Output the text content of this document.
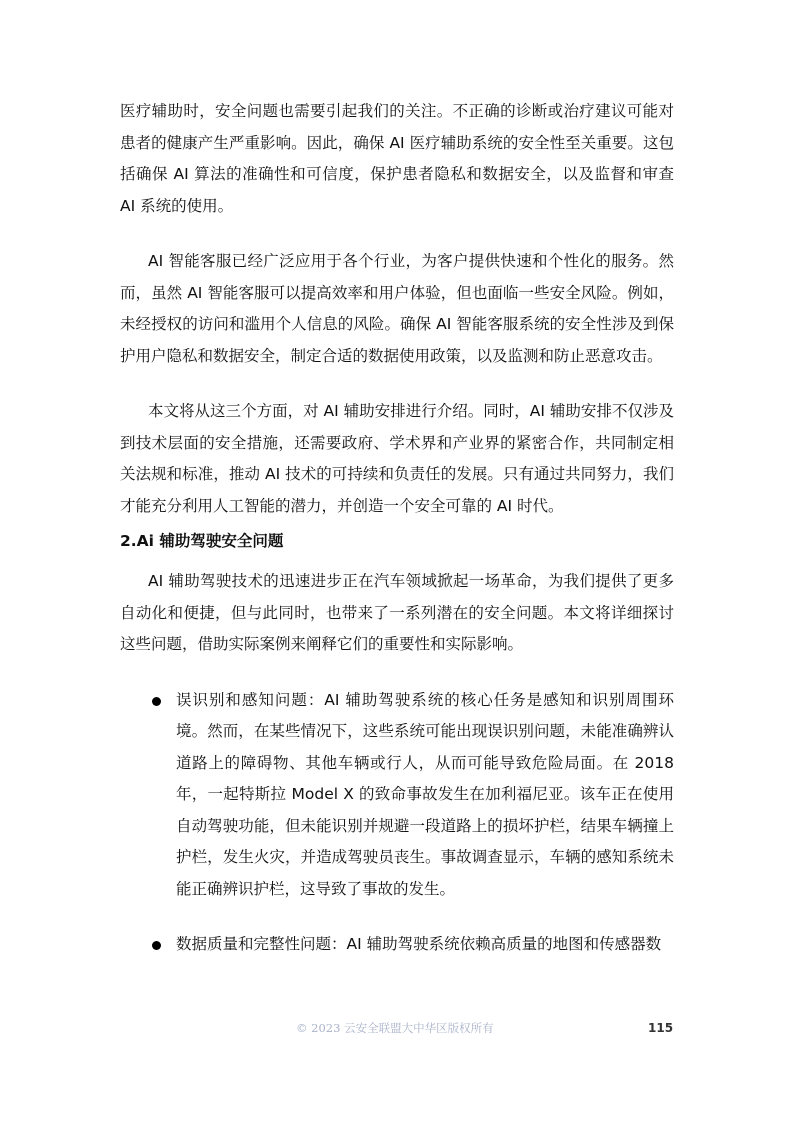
医疗辅助时，安全问题也需要引起我们的关注。不正确的诊断或治疗建议可能对患者的健康产生严重影响。因此，确保 AI 医疗辅助系统的安全性至关重要。这包括确保 AI 算法的准确性和可信度，保护患者隐私和数据安全，以及监督和审查 AI 系统的使用。

AI 智能客服已经广泛应用于各个行业，为客户提供快速和个性化的服务。然而，虽然 AI 智能客服可以提高效率和用户体验，但也面临一些安全风险。例如，未经授权的访问和滥用个人信息的风险。确保 AI 智能客服系统的安全性涉及到保护用户隐私和数据安全，制定合适的数据使用政策，以及监测和防止恶意攻击。

本文将从这三个方面，对 AI 辅助安排进行介绍。同时，AI 辅助安排不仅涉及到技术层面的安全措施，还需要政府、学术界和产业界的紧密合作，共同制定相关法规和标准，推动 AI 技术的可持续和负责任的发展。只有通过共同努力，我们才能充分利用人工智能的潜力，并创造一个安全可靠的 AI 时代。

2.Ai 辅助驾驶安全问题

AI 辅助驾驶技术的迅速进步正在汽车领域掀起一场革命，为我们提供了更多自动化和便捷，但与此同时，也带来了一系列潜在的安全问题。本文将详细探讨这些问题，借助实际案例来阐释它们的重要性和实际影响。

误识别和感知问题：AI 辅助驾驶系统的核心任务是感知和识别周围环境。然而，在某些情况下，这些系统可能出现误识别问题，未能准确辨认道路上的障碍物、其他车辆或行人，从而可能导致危险局面。在 2018 年，一起特斯拉 Model X 的致命事故发生在加利福尼亚。该车正在使用自动驾驶功能，但未能识别并规避一段道路上的损坏护栏，结果车辆撞上护栏，发生火灾，并造成驾驶员丧生。事故调查显示，车辆的感知系统未能正确辨识护栏，这导致了事故的发生。

数据质量和完整性问题：AI 辅助驾驶系统依赖高质量的地图和传感器数

© 2023 云安全联盟大中华区版权所有	115
